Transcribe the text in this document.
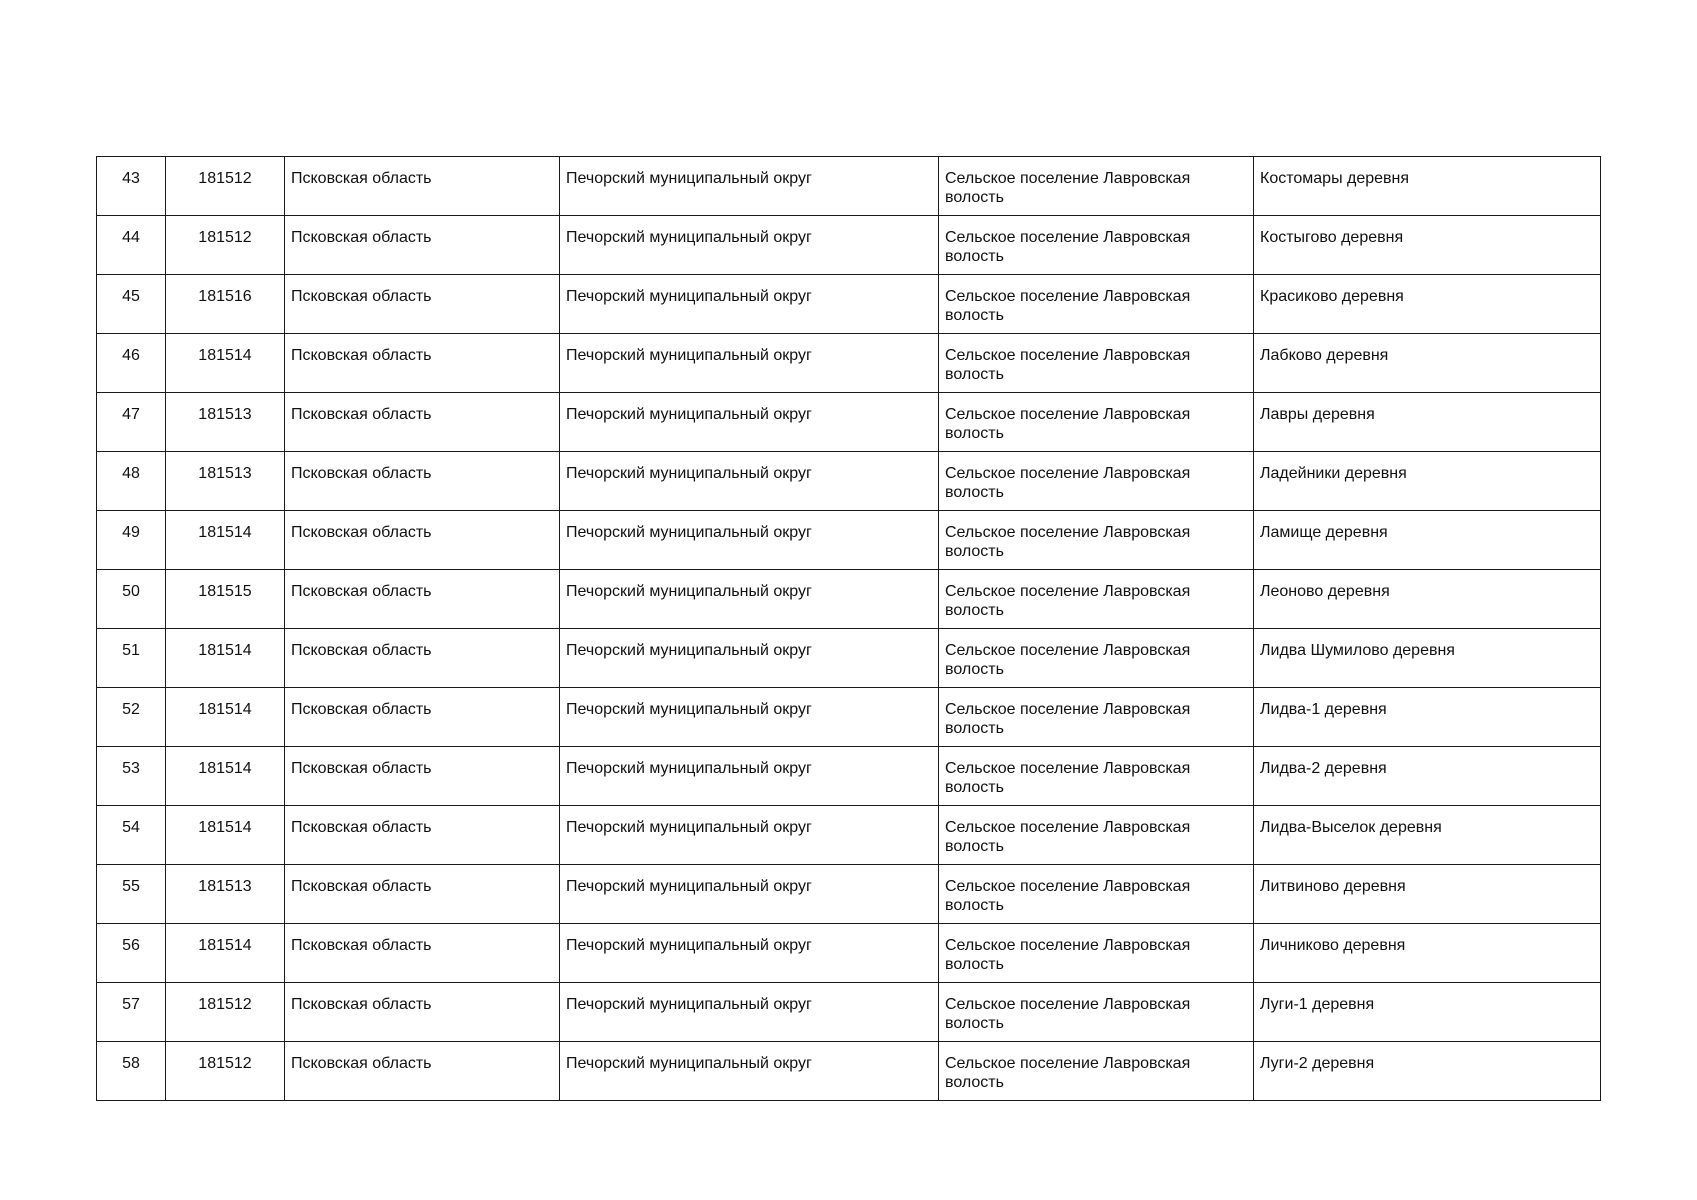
43	181512	Псковская область	Печорский муниципальный округ	Сельское поселение Лавровская волость	Костомары деревня
44	181512	Псковская область	Печорский муниципальный округ	Сельское поселение Лавровская волость	Костыгово деревня
45	181516	Псковская область	Печорский муниципальный округ	Сельское поселение Лавровская волость	Красиково деревня
46	181514	Псковская область	Печорский муниципальный округ	Сельское поселение Лавровская волость	Лабково деревня
47	181513	Псковская область	Печорский муниципальный округ	Сельское поселение Лавровская волость	Лавры деревня
48	181513	Псковская область	Печорский муниципальный округ	Сельское поселение Лавровская волость	Ладейники деревня
49	181514	Псковская область	Печорский муниципальный округ	Сельское поселение Лавровская волость	Ламище деревня
50	181515	Псковская область	Печорский муниципальный округ	Сельское поселение Лавровская волость	Леоново деревня
51	181514	Псковская область	Печорский муниципальный округ	Сельское поселение Лавровская волость	Лидва Шумилово деревня
52	181514	Псковская область	Печорский муниципальный округ	Сельское поселение Лавровская волость	Лидва-1 деревня
53	181514	Псковская область	Печорский муниципальный округ	Сельское поселение Лавровская волость	Лидва-2 деревня
54	181514	Псковская область	Печорский муниципальный округ	Сельское поселение Лавровская волость	Лидва-Выселок деревня
55	181513	Псковская область	Печорский муниципальный округ	Сельское поселение Лавровская волость	Литвиново деревня
56	181514	Псковская область	Печорский муниципальный округ	Сельское поселение Лавровская волость	Личниково деревня
57	181512	Псковская область	Печорский муниципальный округ	Сельское поселение Лавровская волость	Луги-1 деревня
58	181512	Псковская область	Печорский муниципальный округ	Сельское поселение Лавровская волость	Луги-2 деревня
